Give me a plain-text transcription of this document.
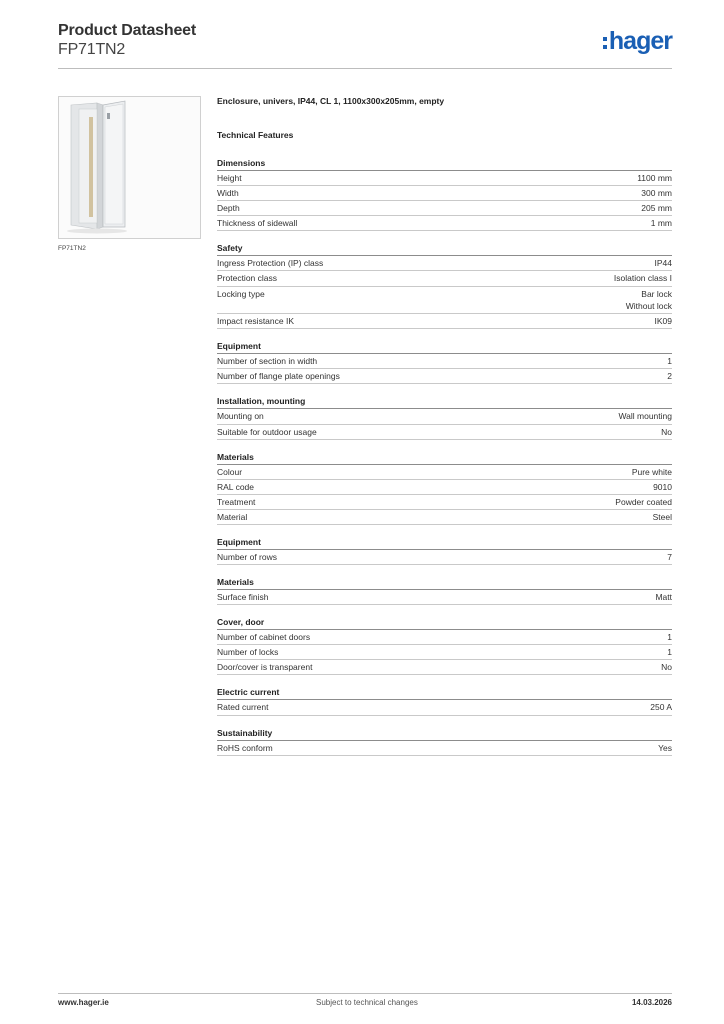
Product Datasheet
FP71TN2	hager
FP71TN2
Enclosure, univers, IP44, CL 1, 1100x300x205mm, empty
Technical Features
Dimensions
Height	1100 mm
Width	300 mm
Depth	205 mm
Thickness of sidewall	1 mm
Safety
Ingress Protection (IP) class	IP44
Protection class	Isolation class I
Locking type	Bar lock
Without lock
Impact resistance IK	IK09
Equipment
Number of section in width	1
Number of flange plate openings	2
Installation, mounting
Mounting on	Wall mounting
Suitable for outdoor usage	No
Materials
Colour	Pure white
RAL code	9010
Treatment	Powder coated
Material	Steel
Equipment
Number of rows	7
Materials
Surface finish	Matt
Cover, door
Number of cabinet doors	1
Number of locks	1
Door/cover is transparent	No
Electric current
Rated current	250 A
Sustainability
RoHS conform	Yes
www.hager.ie	Subject to technical changes	14.03.2026
